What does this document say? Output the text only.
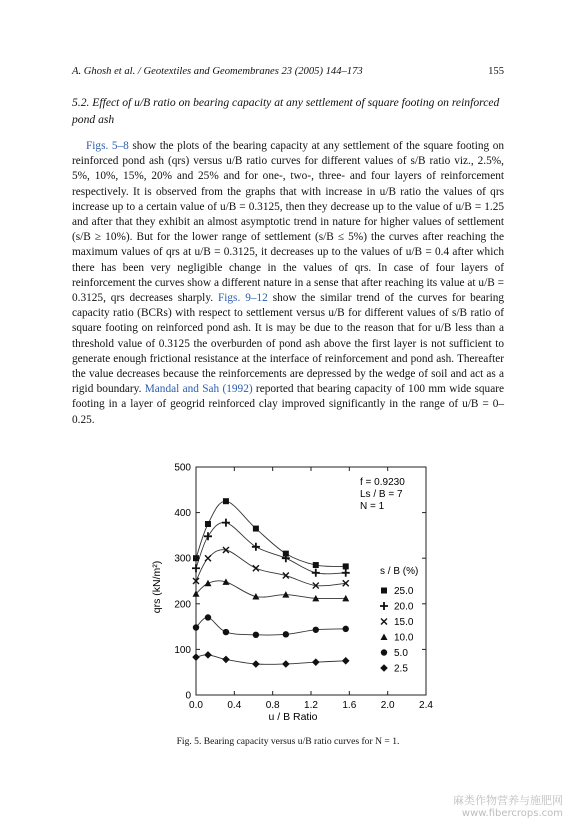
A. Ghosh et al. / Geotextiles and Geomembranes 23 (2005) 144–173	155
5.2. Effect of u/B ratio on bearing capacity at any settlement of square footing on reinforced pond ash
Figs. 5–8 show the plots of the bearing capacity at any settlement of the square footing on reinforced pond ash (qrs) versus u/B ratio curves for different values of s/B ratio viz., 2.5%, 5%, 10%, 15%, 20% and 25% and for one-, two-, three- and four layers of reinforcement respectively. It is observed from the graphs that with increase in u/B ratio the values of qrs increase up to a certain value of u/B = 0.3125, then they decrease up to the value of u/B = 1.25 and after that they exhibit an almost asymptotic trend in nature for higher values of settlement (s/B ≥ 10%). But for the lower range of settlement (s/B ≤ 5%) the curves after reaching the maximum values of qrs at u/B = 0.3125, it decreases up to the values of u/B = 0.4 after which there has been very negligible change in the values of qrs. In case of four layers of reinforcement the curves show a different nature in a sense that after reaching its value at u/B = 0.3125, qrs decreases sharply. Figs. 9–12 show the similar trend of the curves for bearing capacity ratio (BCRs) with respect to settlement versus u/B for different values of s/B ratio of square footing on reinforced pond ash. It is may be due to the reason that for u/B less than a threshold value of 0.3125 the overburden of pond ash above the first layer is not sufficient to generate enough frictional resistance at the interface of reinforcement and pond ash. Thereafter the value decreases because the reinforcements are depressed by the wedge of soil and act as a rigid boundary. Mandal and Sah (1992) reported that bearing capacity of 100 mm wide square footing in a layer of geogrid reinforced clay improved significantly in the range of u/B = 0–0.25.
0.0 0.4 0.8 1.2 1.6 2.0 2.4
0
100
200
300
400
500
u / B Ratio
qrs (kN/m²)
f = 0.9230
Ls / B = 7
N = 1
s / B (%)
25.0
20.0
15.0
10.0
5.0
2.5
Fig. 5. Bearing capacity versus u/B ratio curves for N = 1.
麻类作物营养与施肥网
www.fibercrops.com
